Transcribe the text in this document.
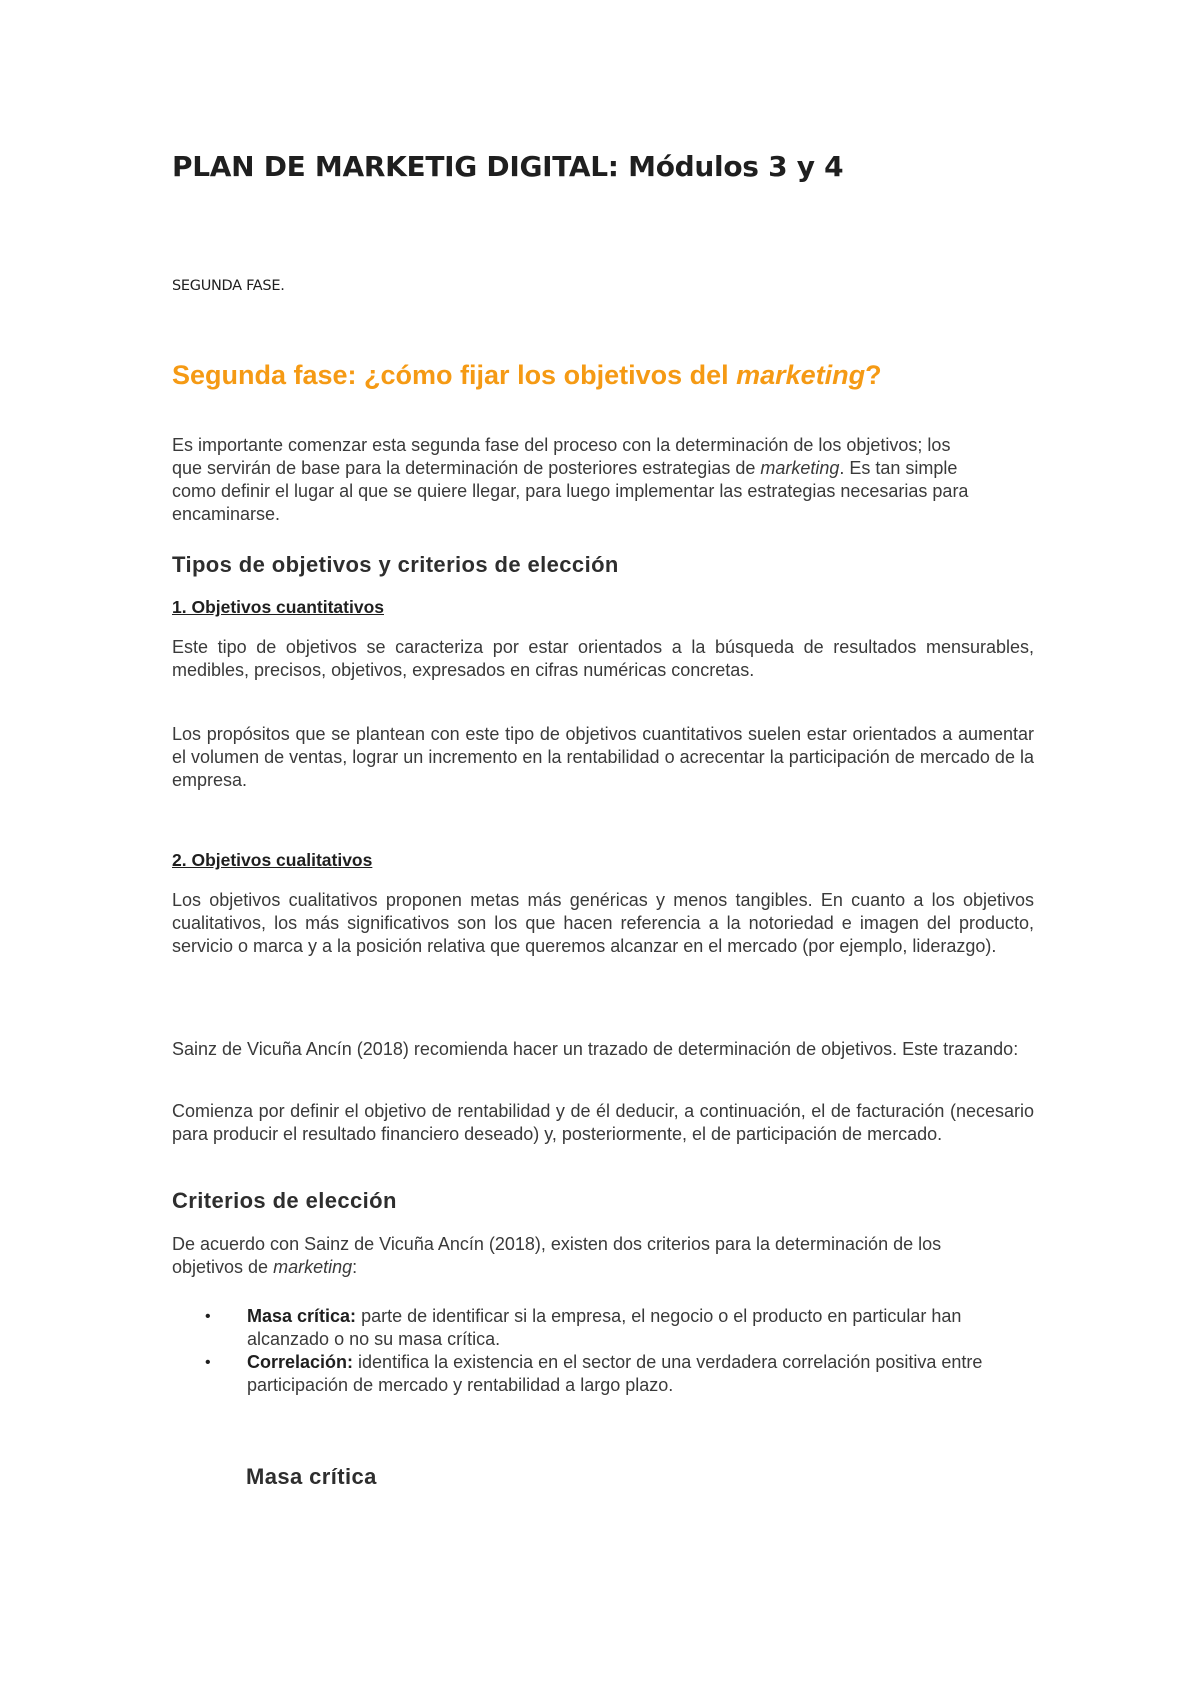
PLAN DE MARKETIG DIGITAL: Módulos 3 y 4
SEGUNDA FASE.
Segunda fase: ¿cómo fijar los objetivos del marketing?

Es importante comenzar esta segunda fase del proceso con la determinación de los objetivos; los que servirán de base para la determinación de posteriores estrategias de marketing. Es tan simple como definir el lugar al que se quiere llegar, para luego implementar las estrategias necesarias para encaminarse.

Tipos de objetivos y criterios de elección
1. Objetivos cuantitativos

Este tipo de objetivos se caracteriza por estar orientados a la búsqueda de resultados mensurables, medibles, precisos, objetivos, expresados en cifras numéricas concretas.

Los propósitos que se plantean con este tipo de objetivos cuantitativos suelen estar orientados a aumentar el volumen de ventas, lograr un incremento en la rentabilidad o acrecentar la participación de mercado de la empresa.

2. Objetivos cualitativos

Los objetivos cualitativos proponen metas más genéricas y menos tangibles. En cuanto a los objetivos cualitativos, los más significativos son los que hacen referencia a la notoriedad e imagen del producto, servicio o marca y a la posición relativa que queremos alcanzar en el mercado (por ejemplo, liderazgo).

Sainz de Vicuña Ancín (2018) recomienda hacer un trazado de determinación de objetivos. Este trazando:

Comienza por definir el objetivo de rentabilidad y de él deducir, a continuación, el de facturación (necesario para producir el resultado financiero deseado) y, posteriormente, el de participación de mercado.

Criterios de elección

De acuerdo con Sainz de Vicuña Ancín (2018), existen dos criterios para la determinación de los objetivos de marketing:

• Masa crítica: parte de identificar si la empresa, el negocio o el producto en particular han alcanzado o no su masa crítica.
• Correlación: identifica la existencia en el sector de una verdadera correlación positiva entre participación de mercado y rentabilidad a largo plazo.
Masa crítica
